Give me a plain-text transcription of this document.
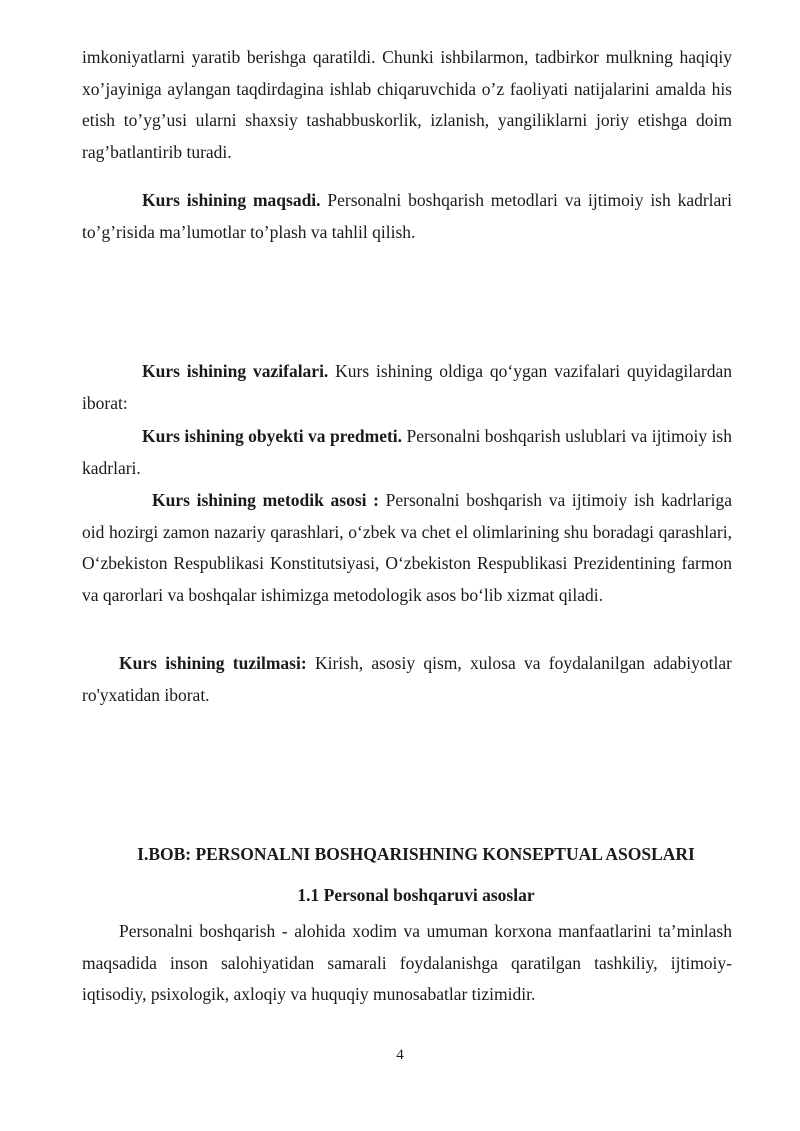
imkoniyatlarni yaratib berishga qaratildi. Chunki ishbilarmon, tadbirkor mulkning haqiqiy xo’jayiniga aylangan taqdirdagina ishlab chiqaruvchida o’z faoliyati natijalarini amalda his etish to’yg’usi ularni shaxsiy tashabbuskorlik, izlanish, yangiliklarni joriy etishga doim rag’batlantirib turadi.

Kurs ishining maqsadi. Personalni boshqarish metodlari va ijtimoiy ish kadrlari to’g’risida ma’lumotlar to’plash va tahlil qilish.

Kurs ishining vazifalari. Kurs ishining oldiga qo‘ygan vazifalari quyidagilardan iborat:

Kurs ishining obyekti va predmeti. Personalni boshqarish uslublari va ijtimoiy ish kadrlari.

Kurs ishining metodik asosi : Personalni boshqarish va ijtimoiy ish kadrlariga oid hozirgi zamon nazariy qarashlari, o‘zbek va chet el olimlarining shu boradagi qarashlari, O‘zbekiston Respublikasi Konstitutsiyasi, O‘zbekiston Respublikasi Prezidentining farmon va qarorlari va boshqalar ishimizga metodologik asos bo‘lib xizmat qiladi.

Kurs ishining tuzilmasi: Kirish, asosiy qism, xulosa va foydalanilgan adabiyotlar ro'yxatidan iborat.

I.BOB: PERSONALNI BOSHQARISHNING KONSEPTUAL ASOSLARI

1.1 Personal boshqaruvi asoslar

Personalni boshqarish - alohida xodim va umuman korxona manfaatlarini ta’minlash maqsadida inson salohiyatidan samarali foydalanishga qaratilgan tashkiliy, ijtimoiy-iqtisodiy, psixologik, axloqiy va huquqiy munosabatlar tizimidir.

4
